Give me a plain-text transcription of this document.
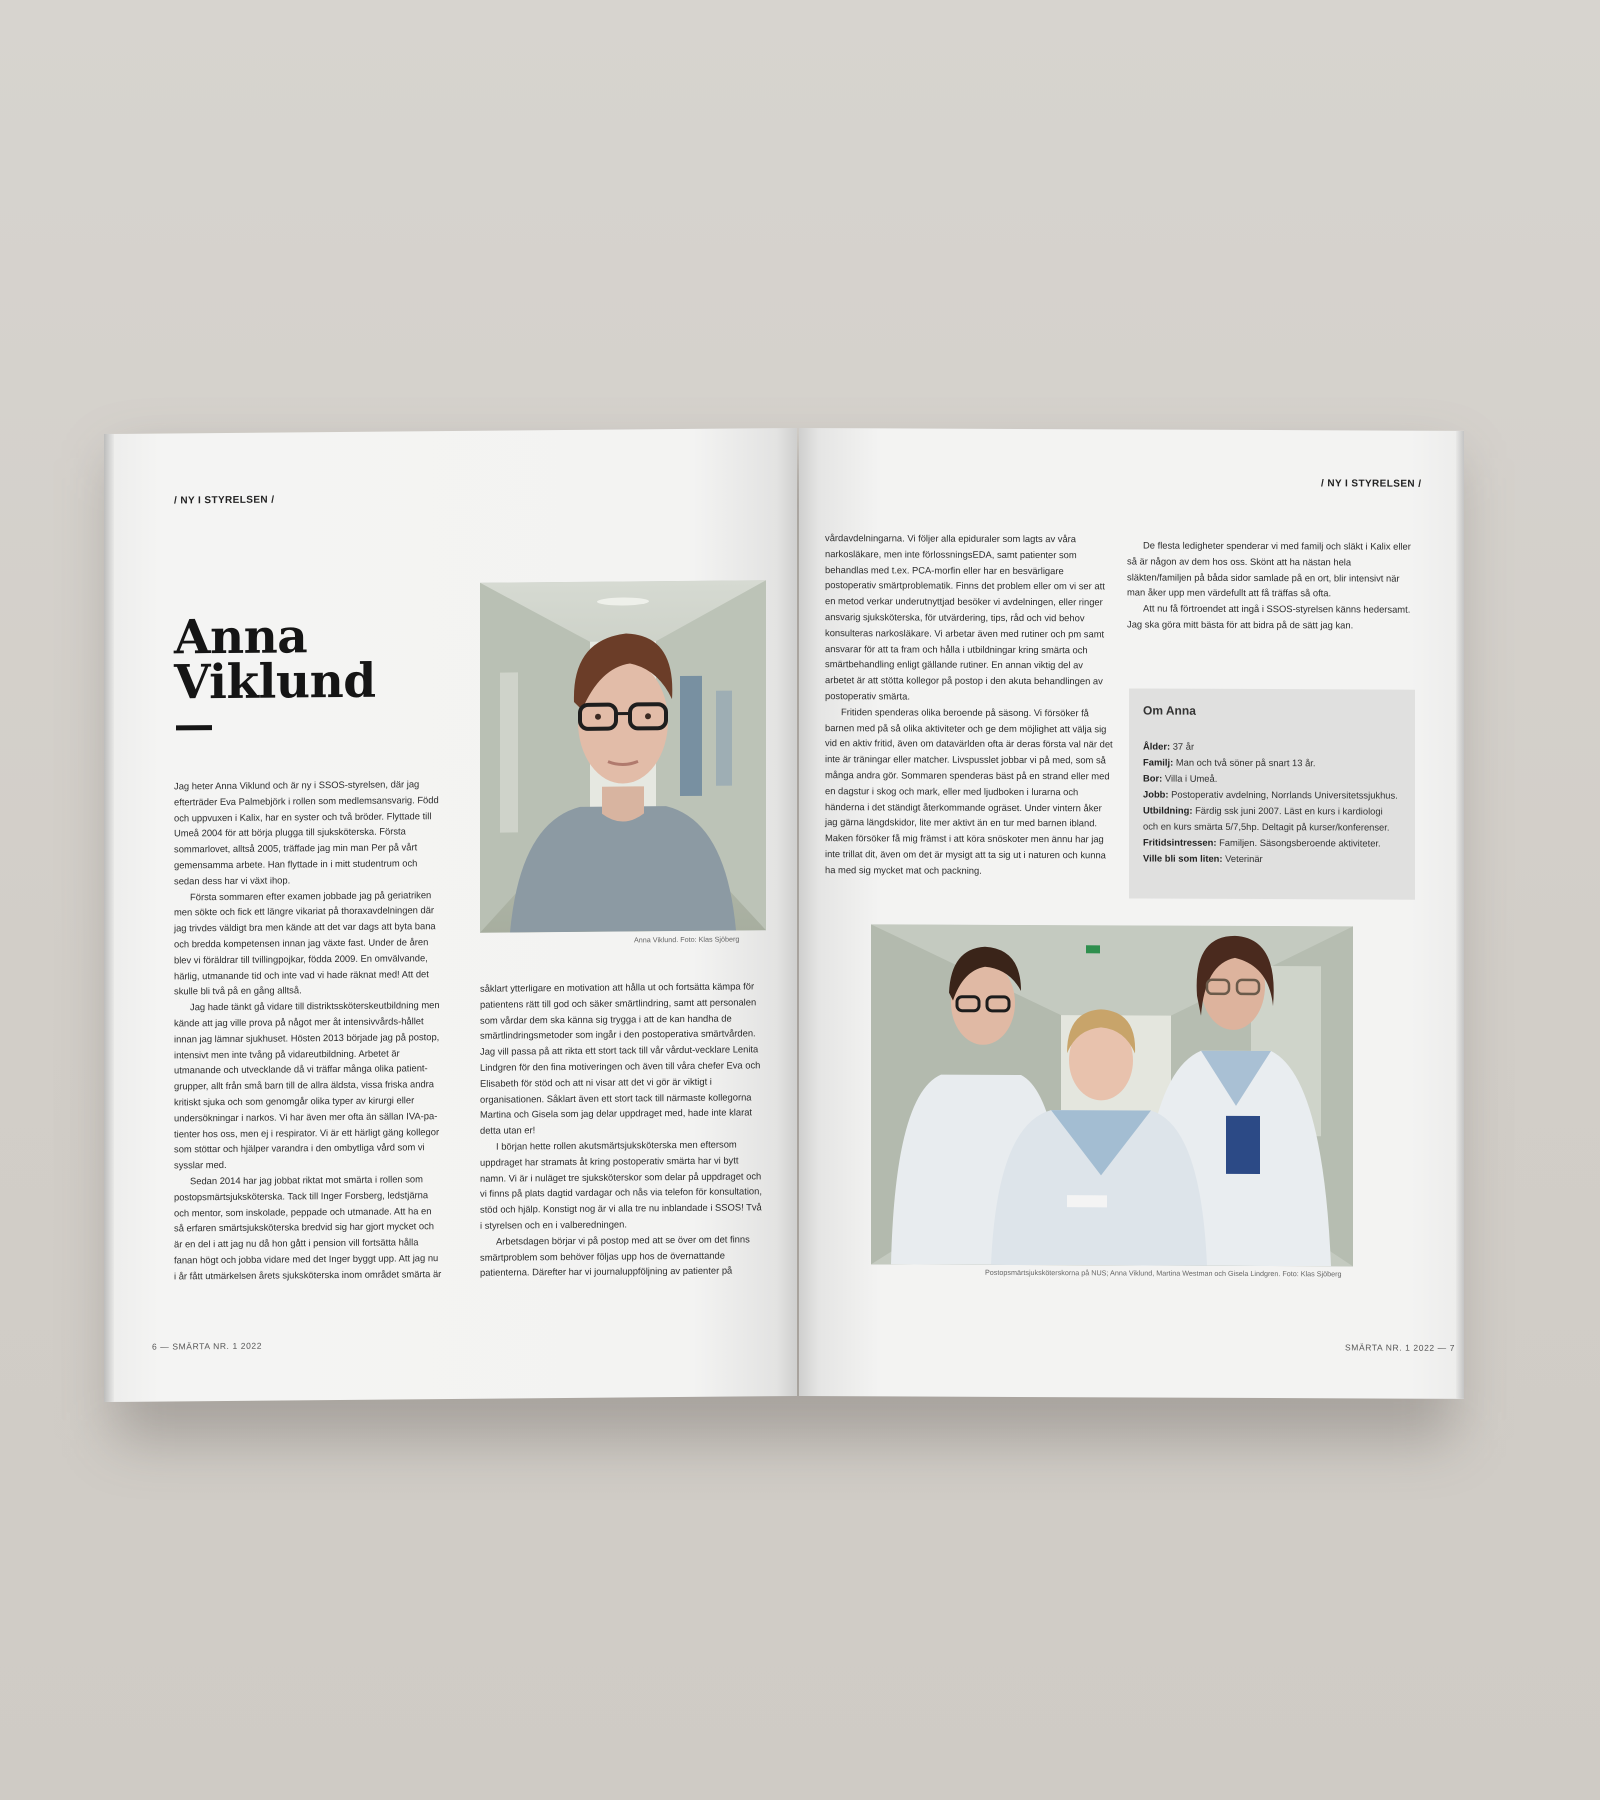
/ NY I STYRELSEN /
Anna
Viklund

Jag heter Anna Viklund och är ny i SSOS-styrelsen, där jag efterträder Eva Palmebjörk i rollen som medlemsansvarig. Född och uppvuxen i Kalix, har en syster och två bröder. Flyttade till Umeå 2004 för att börja plugga till sjuksköterska. Första sommarlovet, alltså 2005, träffade jag min man Per på vårt gemensamma arbete. Han flyttade in i mitt studentrum och sedan dess har vi växt ihop.

Första sommaren efter examen jobbade jag på geriatriken men sökte och fick ett längre vikariat på thoraxavdelningen där jag trivdes väldigt bra men kände att det var dags att byta bana och bredda kompetensen innan jag växte fast. Under de åren blev vi föräldrar till tvillingpojkar, födda 2009. En omvälvande, härlig, utmanande tid och inte vad vi hade räknat med! Att det skulle bli två på en gång alltså.

Jag hade tänkt gå vidare till distriktssköterskeutbildning men kände att jag ville prova på något mer åt intensivvårds-hållet innan jag lämnar sjukhuset. Hösten 2013 började jag på postop, intensivt men inte tvång på vidareutbildning. Arbetet är utmanande och utvecklande då vi träffar många olika patient-grupper, allt från små barn till de allra äldsta, vissa friska andra kritiskt sjuka och som genomgår olika typer av kirurgi eller undersökningar i narkos. Vi har även mer ofta än sällan IVA-pa-tienter hos oss, men ej i respirator. Vi är ett härligt gäng kollegor som stöttar och hjälper varandra i den ombytliga vård som vi sysslar med.

Sedan 2014 har jag jobbat riktat mot smärta i rollen som postopsmärtsjuksköterska. Tack till Inger Forsberg, ledstjärna och mentor, som inskolade, peppade och utmanade. Att ha en så erfaren smärtsjuksköterska bredvid sig har gjort mycket och är en del i att jag nu då hon gått i pension vill fortsätta hålla fanan högt och jobba vidare med det Inger byggt upp. Att jag nu i år fått utmärkelsen årets sjuksköterska inom området smärta är

Anna Viklund. Foto: Klas Sjöberg

såklart ytterligare en motivation att hålla ut och fortsätta kämpa för patientens rätt till god och säker smärtlindring, samt att personalen som vårdar dem ska känna sig trygga i att de kan handha de smärtlindringsmetoder som ingår i den postoperativa smärtvården. Jag vill passa på att rikta ett stort tack till vår vårdut-vecklare Lenita Lindgren för den fina motiveringen och även till våra chefer Eva och Elisabeth för stöd och att ni visar att det vi gör är viktigt i organisationen. Såklart även ett stort tack till närmaste kollegorna Martina och Gisela som jag delar uppdraget med, hade inte klarat detta utan er!

I början hette rollen akutsmärtsjuksköterska men eftersom uppdraget har stramats åt kring postoperativ smärta har vi bytt namn. Vi är i nuläget tre sjuksköterskor som delar på uppdraget och vi finns på plats dagtid vardagar och nås via telefon för konsultation, stöd och hjälp. Konstigt nog är vi alla tre nu inblandade i SSOS! Två i styrelsen och en i valberedningen.

Arbetsdagen börjar vi på postop med att se över om det finns smärtproblem som behöver följas upp hos de övernattande patienterna. Därefter har vi journaluppföljning av patienter på

6 — SMÄRTA NR. 1 2022
/ NY I STYRELSEN /

vårdavdelningarna. Vi följer alla epiduraler som lagts av våra narkosläkare, men inte förlossningsEDA, samt patienter som behandlas med t.ex. PCA-morfin eller har en besvärligare postoperativ smärtproblematik. Finns det problem eller om vi ser att en metod verkar underutnyttjad besöker vi avdelningen, eller ringer ansvarig sjuksköterska, för utvärdering, tips, råd och vid behov konsulteras narkosläkare. Vi arbetar även med rutiner och pm samt ansvarar för att ta fram och hålla i utbildningar kring smärta och smärtbehandling enligt gällande rutiner. En annan viktig del av arbetet är att stötta kollegor på postop i den akuta behandlingen av postoperativ smärta.

Fritiden spenderas olika beroende på säsong. Vi försöker få barnen med på så olika aktiviteter och ge dem möjlighet att välja sig vid en aktiv fritid, även om datavärlden ofta är deras första val när det inte är träningar eller matcher. Livspusslet jobbar vi på med, som så många andra gör. Sommaren spenderas bäst på en strand eller med en dagstur i skog och mark, eller med ljudboken i lurarna och händerna i det ständigt återkommande ogräset. Under vintern åker jag gärna längdskidor, lite mer aktivt än en tur med barnen ibland. Maken försöker få mig främst i att köra snöskoter men ännu har jag inte trillat dit, även om det är mysigt att ta sig ut i naturen och kunna ha med sig mycket mat och packning.

De flesta ledigheter spenderar vi med familj och släkt i Kalix eller så är någon av dem hos oss. Skönt att ha nästan hela släkten/familjen på båda sidor samlade på en ort, blir intensivt när man åker upp men värdefullt att få träffas så ofta.

Att nu få förtroendet att ingå i SSOS-styrelsen känns hedersamt. Jag ska göra mitt bästa för att bidra på de sätt jag kan.

Om Anna
Ålder: 37 år
Familj: Man och två söner på snart 13 år.
Bor: Villa i Umeå.
Jobb: Postoperativ avdelning, Norrlands Universitetssjukhus.
Utbildning: Färdig ssk juni 2007. Läst en kurs i kardiologi
och en kurs smärta 5/7,5hp. Deltagit på kurser/konferenser.
Fritidsintressen: Familjen. Säsongsberoende aktiviteter.
Ville bli som liten: Veterinär
Postopsmärtsjuksköterskorna på NUS; Anna Viklund, Martina Westman och Gisela Lindgren. Foto: Klas Sjöberg
SMÄRTA NR. 1 2022 — 7
